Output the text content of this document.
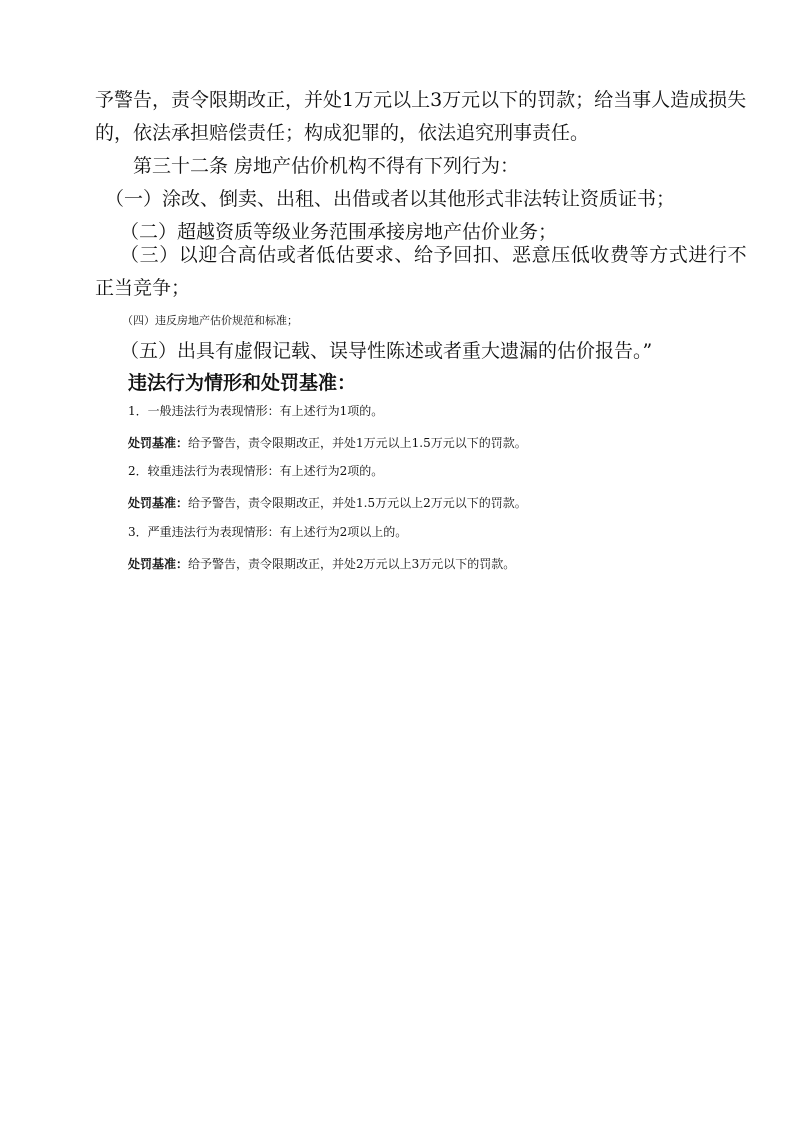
予警告，责令限期改正，并处1万元以上3万元以下的罚款；给当事人造成损失
的，依法承担赔偿责任；构成犯罪的，依法追究刑事责任。
第三十二条 房地产估价机构不得有下列行为：
（一）涂改、倒卖、出租、出借或者以其他形式非法转让资质证书；
（二）超越资质等级业务范围承接房地产估价业务；
（三）以迎合高估或者低估要求、给予回扣、恶意压低收费等方式进行不
正当竞争；
（四）违反房地产估价规范和标准；
（五）出具有虚假记载、误导性陈述或者重大遗漏的估价报告。”
违法行为情形和处罚基准：
1．一般违法行为表现情形：有上述行为1项的。
处罚基准：给予警告，责令限期改正，并处1万元以上1.5万元以下的罚款。
2．较重违法行为表现情形：有上述行为2项的。
处罚基准：给予警告，责令限期改正，并处1.5万元以上2万元以下的罚款。
3．严重违法行为表现情形：有上述行为2项以上的。
处罚基准：给予警告，责令限期改正，并处2万元以上3万元以下的罚款。
